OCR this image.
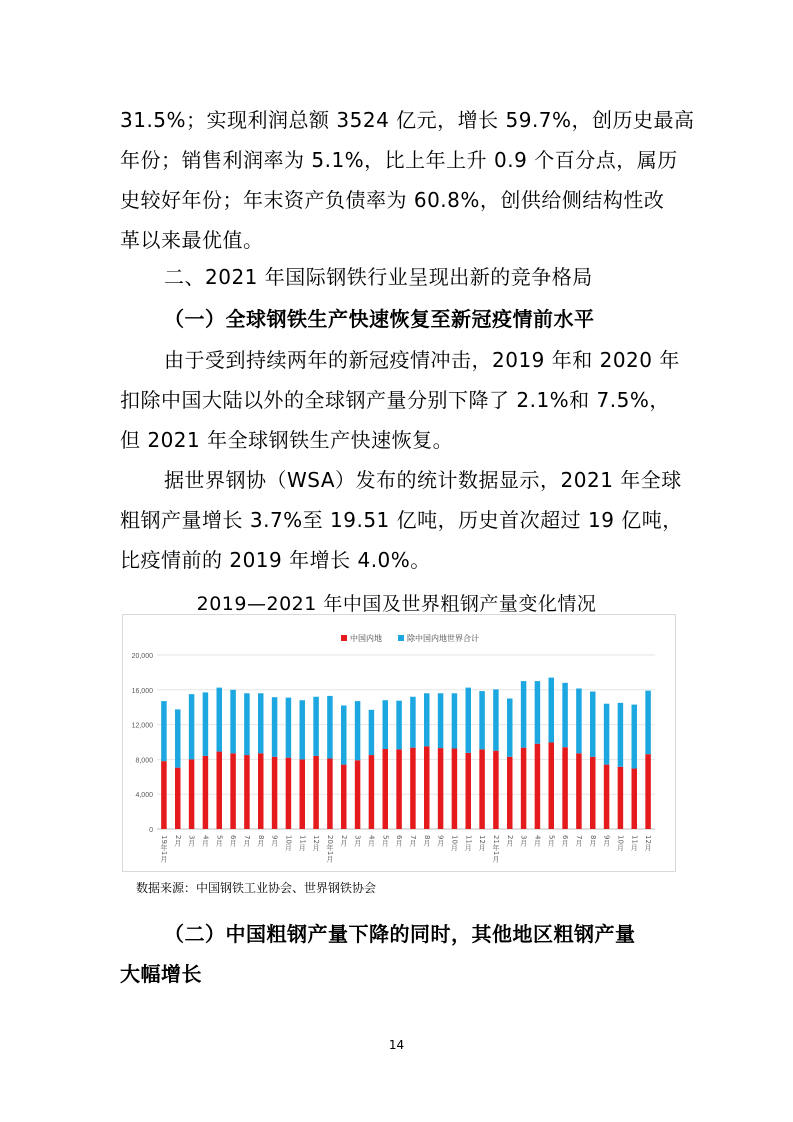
31.5%；实现利润总额 3524 亿元，增长 59.7%，创历史最高
年份；销售利润率为 5.1%，比上年上升 0.9 个百分点，属历
史较好年份；年末资产负债率为 60.8%，创供给侧结构性改
革以来最优值。

二、2021 年国际钢铁行业呈现出新的竞争格局
（一）全球钢铁生产快速恢复至新冠疫情前水平

由于受到持续两年的新冠疫情冲击，2019 年和 2020 年
扣除中国大陆以外的全球钢产量分别下降了 2.1%和 7.5%，
但 2021 年全球钢铁生产快速恢复。

据世界钢协（WSA）发布的统计数据显示，2021 年全球
粗钢产量增长 3.7%至 19.51 亿吨，历史首次超过 19 亿吨，
比疫情前的 2019 年增长 4.0%。

2019—2021 年中国及世界粗钢产量变化情况
0
4,000
8,000
12,000
16,000
20,000
中国内地	除中国内地世界合计
19年1月 2月 3月 4月 5月 6月 7月 8月 9月 10月 11月 12月 20年1月 2月 3月 4月 5月 6月 7月 8月 9月 10月 11月 12月 21年1月 2月 3月 4月 5月 6月 7月 8月 9月 10月 11月 12月
数据来源：中国钢铁工业协会、世界钢铁协会
（二）中国粗钢产量下降的同时，其他地区粗钢产量
大幅增长
14
